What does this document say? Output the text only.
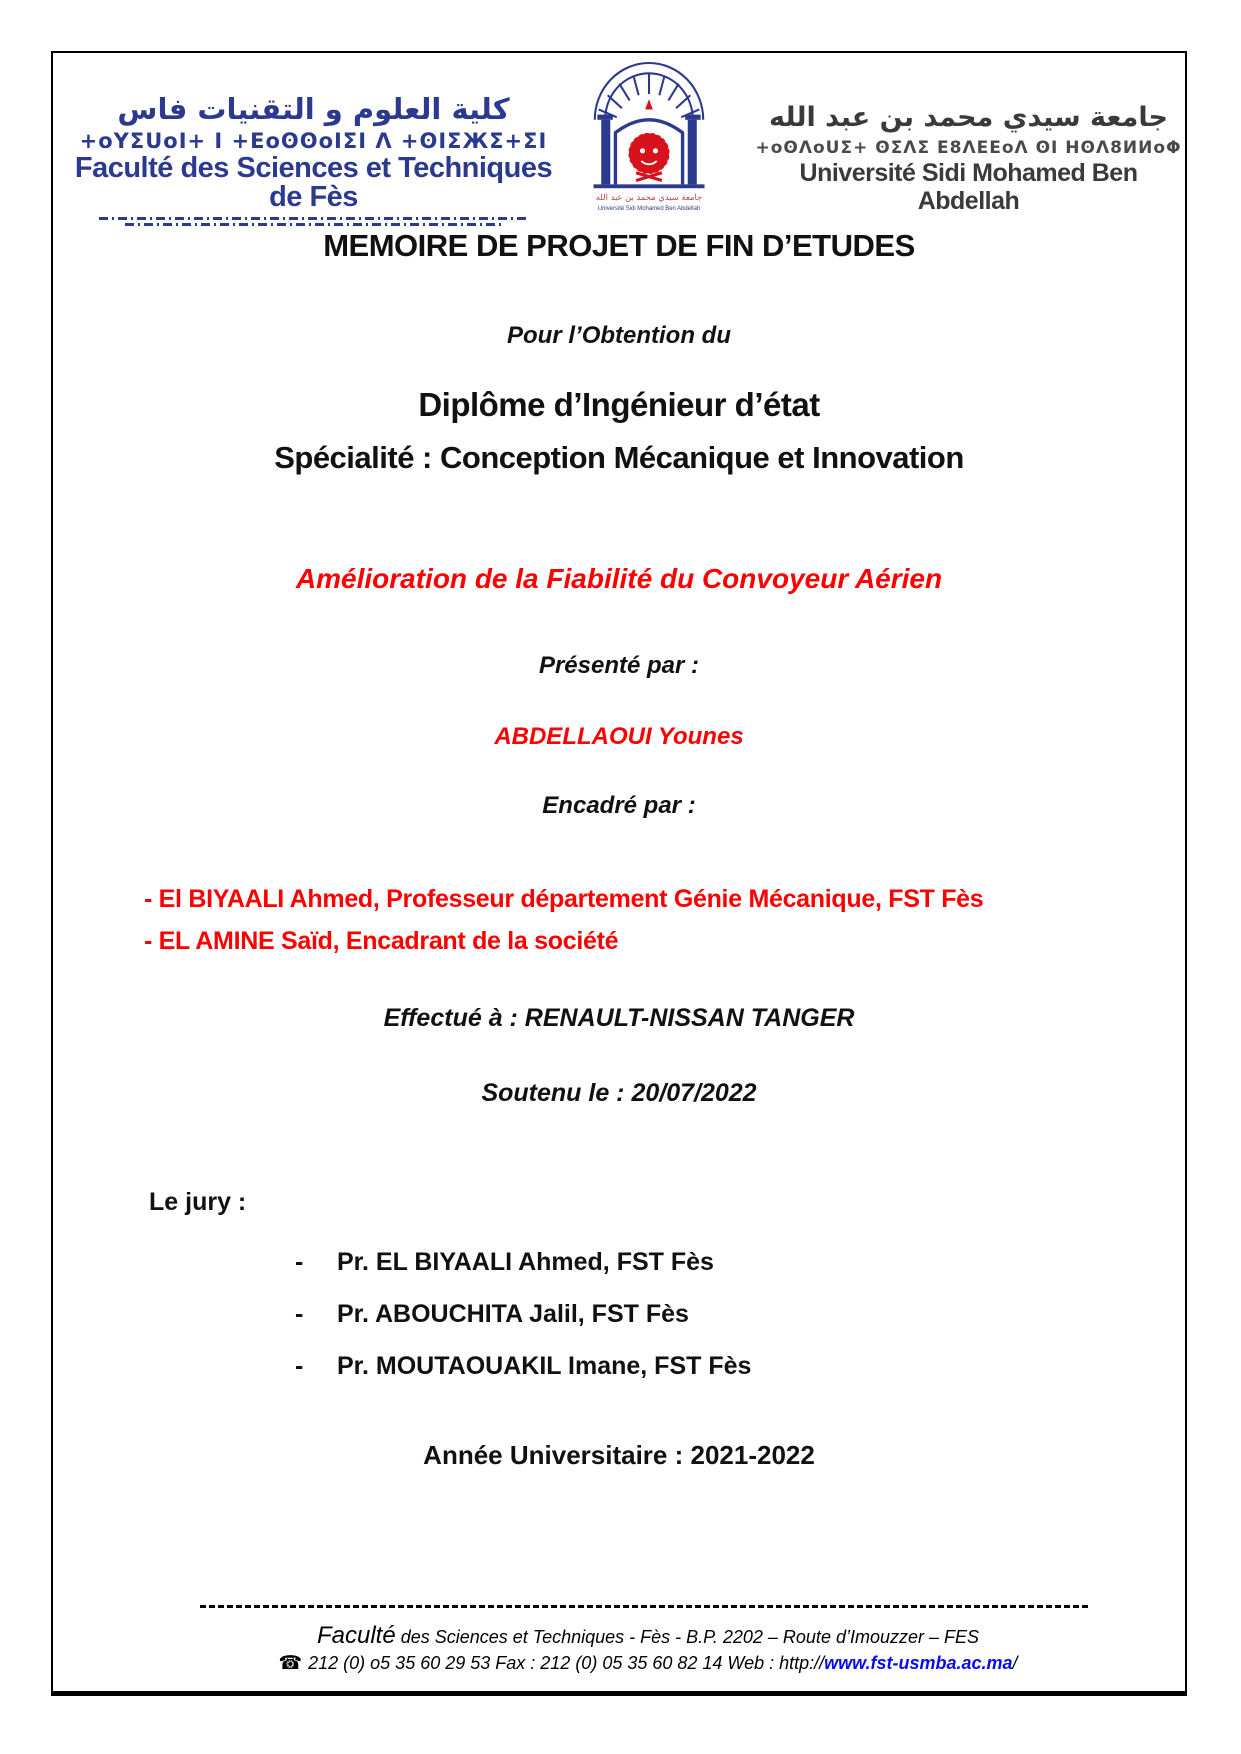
كلية العلوم و التقنيات فاس
+oYΣUoI+ I +ΕoʘʘoIΣI Λ +ʘΙΣЖΣ+ΣΙ
Faculté des Sciences et Techniques de Fès	جامعة سيدي محمد بن عبد الله
Université Sidi Mohamed Ben Abdellah
جامعة سيدي محمد بن عبد الله
+oʘΛoUΣ+ ʘΣΛΣ Ε8ΛΕΕoΛ ʘΙ ΗʘΛ8ИИoΦ
Université Sidi Mohamed Ben Abdellah
MEMOIRE DE PROJET DE FIN D’ETUDES
Pour l’Obtention du
Diplôme d’Ingénieur d’état
Spécialité : Conception Mécanique et Innovation
Amélioration de la Fiabilité du Convoyeur Aérien
Présenté par :
ABDELLAOUI Younes
Encadré par :
- El BIYAALI Ahmed, Professeur département Génie Mécanique, FST Fès
- EL AMINE Saïd, Encadrant de la société
Effectué à : RENAULT-NISSAN TANGER
Soutenu le : 20/07/2022
Le jury :
-
Pr. EL BIYAALI Ahmed, FST Fès
-
Pr. ABOUCHITA Jalil, FST Fès
-
Pr. MOUTAOUAKIL Imane, FST Fès
Année Universitaire : 2021-2022
Faculté des Sciences et Techniques - Fès - B.P. 2202 – Route d’Imouzzer – FES
☎ 212 (0) o5 35 60 29 53 Fax : 212 (0) 05 35 60 82 14 Web : http://www.fst-usmba.ac.ma/
